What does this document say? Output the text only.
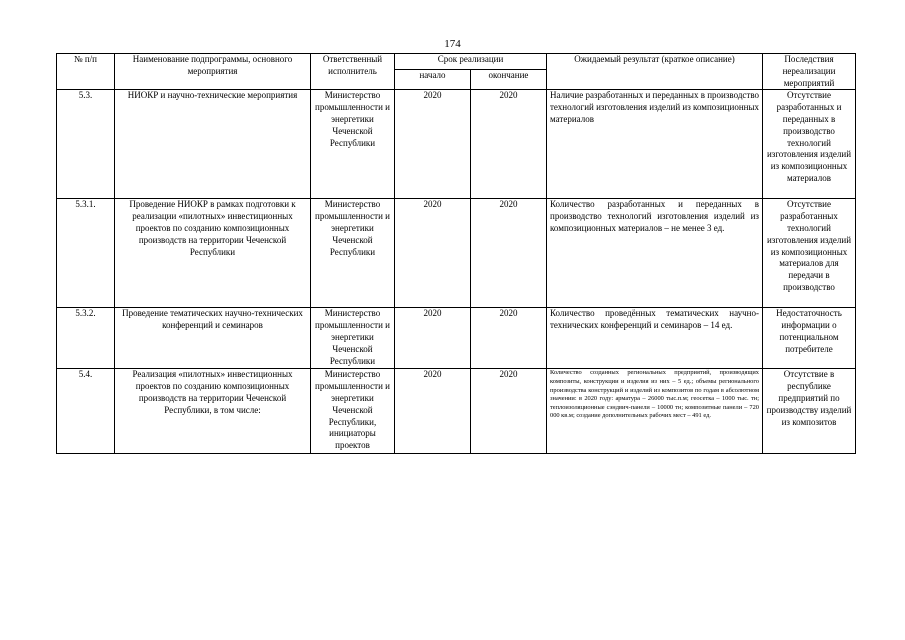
174
№ п/п	Наименование подпрограммы, основного мероприятия	Ответственный исполнитель	Срок реализации		Ожидаемый результат (краткое описание)	Последствия нереализации мероприятий
			начало	окончание		
5.3.	НИОКР и научно-технические мероприятия	Министерство промышленности и энергетики Чеченской Республики	2020	2020	Наличие разработанных и переданных в производство технологий изготовления изделий из композиционных материалов	Отсутствие разработанных и переданных в производство технологий изготовления изделий из композиционных материалов
5.3.1.	Проведение НИОКР в рамках подготовки к реализации «пилотных» инвестиционных проектов по созданию композиционных производств на территории Чеченской Республики	Министерство промышленности и энергетики Чеченской Республики	2020	2020	Количество разработанных и переданных в производство технологий изготовления изделий из композиционных материалов – не менее 3 ед.	Отсутствие разработанных технологий изготовления изделий из композиционных материалов для передачи в производство
5.3.2.	Проведение тематических научно-технических конференций и семинаров	Министерство промышленности и энергетики Чеченской Республики	2020	2020	Количество проведённых тематических научно-технических конференций и семинаров – 14 ед.	Недостаточность информации о потенциальном потребителе
5.4.	Реализация «пилотных» инвестиционных проектов по созданию композиционных производств на территории Чеченской Республики, в том числе:	Министерство промышленности и энергетики Чеченской Республики, инициаторы проектов	2020	2020	Количество созданных региональных предприятий, производящих композиты, конструкции и изделия из них – 5 ед.; объемы регионального производства конструкций и изделий из композитов по годам в абсолютном значении: в 2020 году: арматура – 26000 тыс.п.м; геосетка – 1000 тыс. тн; теплоизоляционные сэндвич-панели – 10000 тн; композитные панели – 720 000 кв.м; создание дополнительных рабочих мест – 491 ед.	Отсутствие в республике предприятий по производству изделий из композитов
